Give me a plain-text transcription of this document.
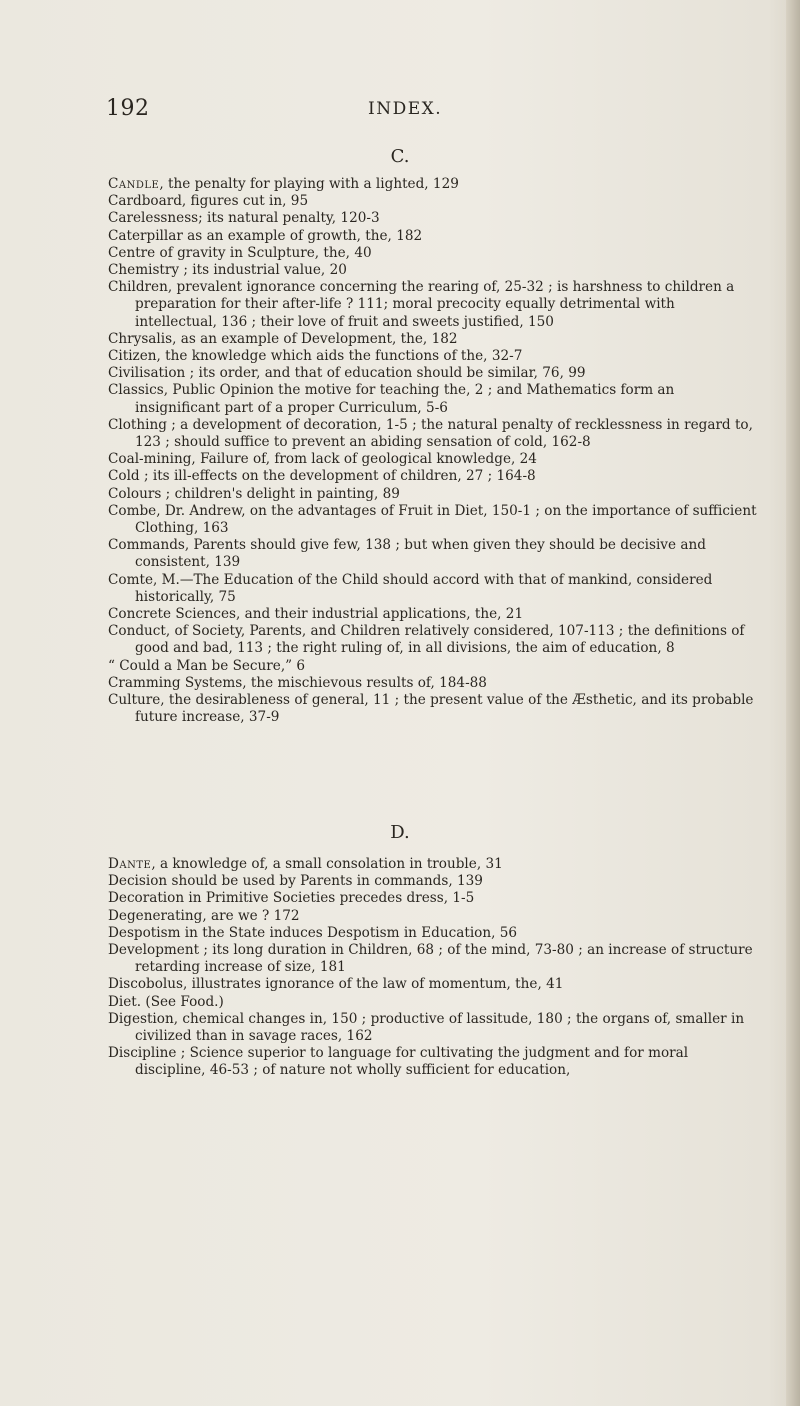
192	INDEX.
C.
Candle, the penalty for playing with a lighted, 129
Cardboard, figures cut in, 95
Carelessness; its natural penalty, 120-3
Caterpillar as an example of growth, the, 182
Centre of gravity in Sculpture, the, 40
Chemistry ; its industrial value, 20
Children, prevalent ignorance concerning the rearing of, 25-32 ; is harshness to children a preparation for their after-life ? 111; moral precocity equally detrimental with intellectual, 136 ; their love of fruit and sweets justified, 150
Chrysalis, as an example of Development, the, 182
Citizen, the knowledge which aids the functions of the, 32-7
Civilisation ; its order, and that of education should be similar, 76, 99
Classics, Public Opinion the motive for teaching the, 2 ; and Mathematics form an insignificant part of a proper Curriculum, 5-6
Clothing ; a development of decoration, 1-5 ; the natural penalty of recklessness in regard to, 123 ; should suffice to prevent an abiding sensation of cold, 162-8
Coal-mining, Failure of, from lack of geological knowledge, 24
Cold ; its ill-effects on the development of children, 27 ; 164-8
Colours ; children's delight in painting, 89
Combe, Dr. Andrew, on the advantages of Fruit in Diet, 150-1 ; on the importance of sufficient Clothing, 163
Commands, Parents should give few, 138 ; but when given they should be decisive and consistent, 139
Comte, M.—The Education of the Child should accord with that of mankind, considered historically, 75
Concrete Sciences, and their industrial applications, the, 21
Conduct, of Society, Parents, and Children relatively considered, 107-113 ; the definitions of good and bad, 113 ; the right ruling of, in all divisions, the aim of education, 8
“ Could a Man be Secure,” 6
Cramming Systems, the mischievous results of, 184-88
Culture, the desirableness of general, 11 ; the present value of the Æsthetic, and its probable future increase, 37-9
D.
Dante, a knowledge of, a small consolation in trouble, 31
Decision should be used by Parents in commands, 139
Decoration in Primitive Societies precedes dress, 1-5
Degenerating, are we ? 172
Despotism in the State induces Despotism in Education, 56
Development ; its long duration in Children, 68 ; of the mind, 73-80 ; an increase of structure retarding increase of size, 181
Discobolus, illustrates ignorance of the law of momentum, the, 41
Diet. (See Food.)
Digestion, chemical changes in, 150 ; productive of lassitude, 180 ; the organs of, smaller in civilized than in savage races, 162
Discipline ; Science superior to language for cultivating the judgment and for moral discipline, 46-53 ; of nature not wholly sufficient for education,
